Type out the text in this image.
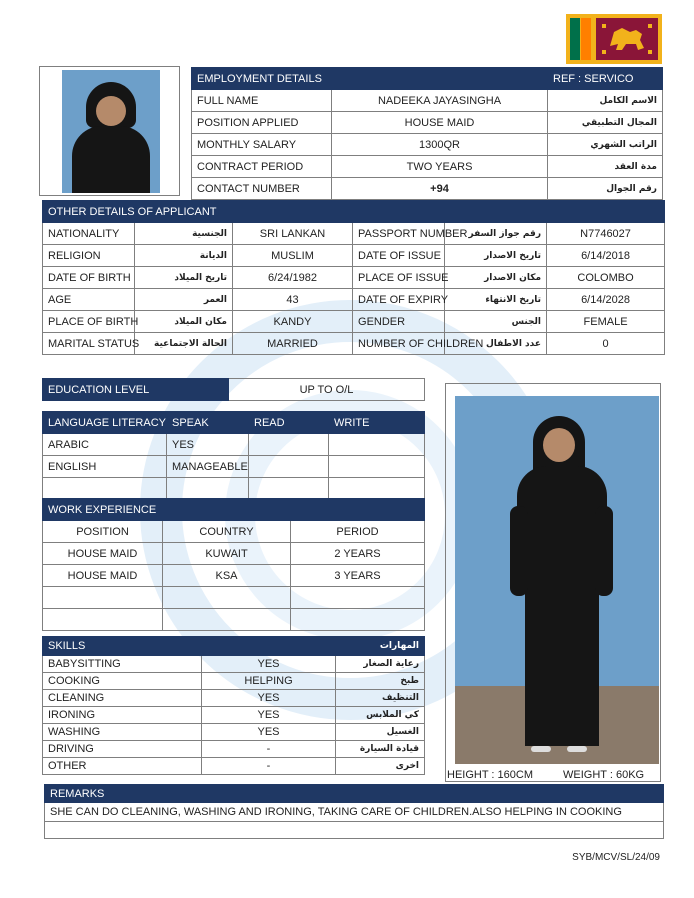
EMPLOYMENT DETAILS		REF : SERVICO
FULL NAME	NADEEKA JAYASINGHA	الاسم الكامل
POSITION APPLIED	HOUSE MAID	المجال التطبيقي
MONTHLY SALARY	1300QR	الراتب الشهري
CONTRACT PERIOD	TWO YEARS	مدة العقد
CONTACT NUMBER	+94	رقم الجوال
OTHER DETAILS OF APPLICANT					
NATIONALITY	الجنسية	SRI LANKAN	PASSPORT NUMBER	رقم جواز السفر	N7746027
RELIGION	الديانة	MUSLIM	DATE OF ISSUE	تاريخ الاصدار	6/14/2018
DATE OF BIRTH	تاريخ الميلاد	6/24/1982	PLACE OF ISSUE	مكان الاصدار	COLOMBO
AGE	العمر	43	DATE OF EXPIRY	تاريخ الانتهاء	6/14/2028
PLACE OF BIRTH	مكان الميلاد	KANDY	GENDER	الجنس	FEMALE
MARITAL STATUS	الحالة الاجتماعية	MARRIED	NUMBER OF CHILDREN	عدد الاطفال	0
EDUCATION LEVEL	UP TO O/L
LANGUAGE LITERACY	SPEAK	READ	WRITE
ARABIC	YES		
ENGLISH	MANAGEABLE		

WORK EXPERIENCE		
POSITION	COUNTRY	PERIOD
HOUSE MAID	KUWAIT	2 YEARS
HOUSE MAID	KSA	3 YEARS

SKILLS	المهارات	
BABYSITTING	YES	رعاية الصغار
COOKING	HELPING	طبخ
CLEANING	YES	التنظيف
IRONING	YES	كي الملابس
WASHING	YES	الغسيل
DRIVING	-	قيادة السيارة
OTHER	-	اخرى
HEIGHT : 160CM	WEIGHT : 60KG
REMARKS
SHE CAN DO CLEANING, WASHING AND IRONING, TAKING CARE OF CHILDREN.ALSO HELPING IN COOKING

SYB/MCV/SL/24/09
